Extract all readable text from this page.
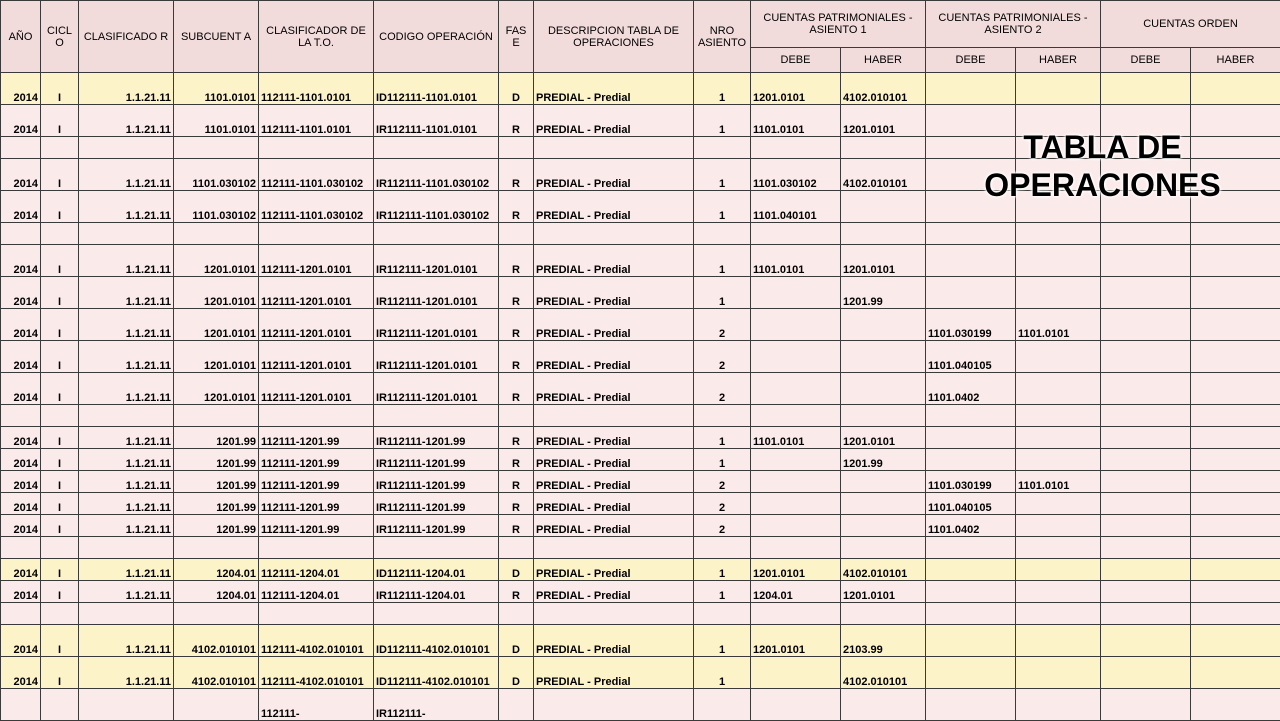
AÑO	CICL O	CLASIFICADO R	SUBCUENT A	CLASIFICADOR DE LA T.O.	CODIGO OPERACIÓN	FAS E	DESCRIPCION TABLA DE OPERACIONES	NRO ASIENTO	CUENTAS PATRIMONIALES - ASIENTO 1		CUENTAS PATRIMONIALES - ASIENTO 2		CUENTAS ORDEN	
									DEBE	HABER	DEBE	HABER	DEBE	HABER
2014	I	1.1.21.11	1101.0101	112111-1101.0101	ID112111-1101.0101	D	PREDIAL - Predial	1	1201.0101	4102.010101				
2014	I	1.1.21.11	1101.0101	112111-1101.0101	IR112111-1101.0101	R	PREDIAL - Predial	1	1101.0101	1201.0101				

2014	I	1.1.21.11	1101.030102	112111-1101.030102	IR112111-1101.030102	R	PREDIAL - Predial	1	1101.030102	4102.010101				
2014	I	1.1.21.11	1101.030102	112111-1101.030102	IR112111-1101.030102	R	PREDIAL - Predial	1	1101.040101					

2014	I	1.1.21.11	1201.0101	112111-1201.0101	IR112111-1201.0101	R	PREDIAL - Predial	1	1101.0101	1201.0101				
2014	I	1.1.21.11	1201.0101	112111-1201.0101	IR112111-1201.0101	R	PREDIAL - Predial	1		1201.99				
2014	I	1.1.21.11	1201.0101	112111-1201.0101	IR112111-1201.0101	R	PREDIAL - Predial	2			1101.030199	1101.0101		
2014	I	1.1.21.11	1201.0101	112111-1201.0101	IR112111-1201.0101	R	PREDIAL - Predial	2			1101.040105			
2014	I	1.1.21.11	1201.0101	112111-1201.0101	IR112111-1201.0101	R	PREDIAL - Predial	2			1101.0402			

2014	I	1.1.21.11	1201.99	112111-1201.99	IR112111-1201.99	R	PREDIAL - Predial	1	1101.0101	1201.0101				
2014	I	1.1.21.11	1201.99	112111-1201.99	IR112111-1201.99	R	PREDIAL - Predial	1		1201.99				
2014	I	1.1.21.11	1201.99	112111-1201.99	IR112111-1201.99	R	PREDIAL - Predial	2			1101.030199	1101.0101		
2014	I	1.1.21.11	1201.99	112111-1201.99	IR112111-1201.99	R	PREDIAL - Predial	2			1101.040105			
2014	I	1.1.21.11	1201.99	112111-1201.99	IR112111-1201.99	R	PREDIAL - Predial	2			1101.0402			

2014	I	1.1.21.11	1204.01	112111-1204.01	ID112111-1204.01	D	PREDIAL - Predial	1	1201.0101	4102.010101				
2014	I	1.1.21.11	1204.01	112111-1204.01	IR112111-1204.01	R	PREDIAL - Predial	1	1204.01	1201.0101				

2014	I	1.1.21.11	4102.010101	112111-4102.010101	ID112111-4102.010101	D	PREDIAL - Predial	1	1201.0101	2103.99				
2014	I	1.1.21.11	4102.010101	112111-4102.010101	ID112111-4102.010101	D	PREDIAL - Predial	1		4102.010101				
				112111-	IR112111-									
TABLA DE
OPERACIONES
